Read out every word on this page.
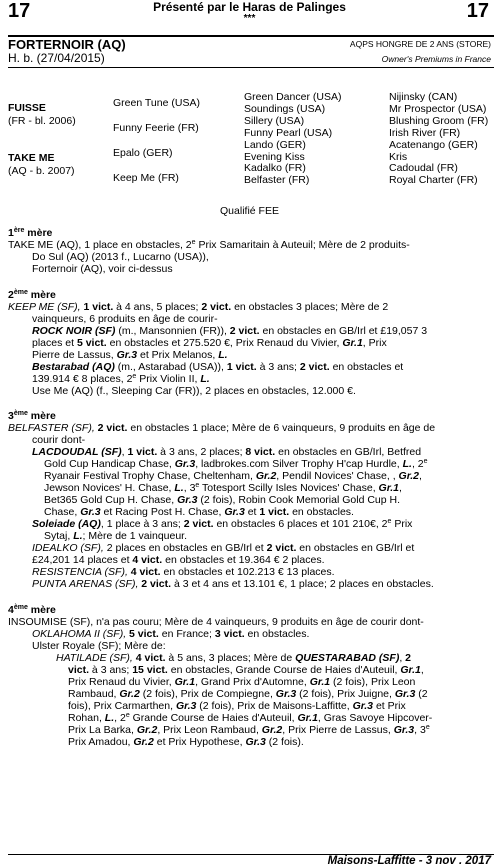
17	17
Présenté par le Haras de Palinges
***
FORTERNOIR (AQ)
H. b. (27/04/2015)
AQPS HONGRE DE 2 ANS (STORE)
Owner's Premiums in France
FUISSE
(FR - bl. 2006)
TAKE ME
(AQ - b. 2007)
Green Tune (USA)
Funny Feerie (FR)
Epalo (GER)
Keep Me (FR)
Green Dancer (USA)
Soundings (USA)
Sillery (USA)
Funny Pearl (USA)
Lando (GER)
Evening Kiss
Kadalko (FR)
Belfaster (FR)
Nijinsky (CAN)
Mr Prospector (USA)
Blushing Groom (FR)
Irish River (FR)
Acatenango (GER)
Kris
Cadoudal (FR)
Royal Charter (FR)
Qualifié FEE
1ère mère
TAKE ME (AQ), 1 place en obstacles, 2e Prix Samaritain à Auteuil; Mère de 2 produits-
Do Sul (AQ) (2013 f., Lucarno (USA)),
Forternoir (AQ), voir ci-dessus
2ème mère
KEEP ME (SF), 1 vict. à 4 ans, 5 places; 2 vict. en obstacles 3 places; Mère de 2
vainqueurs, 6 produits en âge de courir-
ROCK NOIR (SF) (m., Mansonnien (FR)), 2 vict. en obstacles en GB/Irl et £19,057 3
places et 5 vict. en obstacles et 275.520 €, Prix Renaud du Vivier, Gr.1, Prix
Pierre de Lassus, Gr.3 et Prix Melanos, L.
Bestarabad (AQ) (m., Astarabad (USA)), 1 vict. à 3 ans; 2 vict. en obstacles et
139.914 € 8 places, 2e Prix Violin II, L.
Use Me (AQ) (f., Sleeping Car (FR)), 2 places en obstacles, 12.000 €.
3ème mère
BELFASTER (SF), 2 vict. en obstacles 1 place; Mère de 6 vainqueurs, 9 produits en âge de
courir dont-
LACDOUDAL (SF), 1 vict. à 3 ans, 2 places; 8 vict. en obstacles en GB/Irl, Betfred
Gold Cup Handicap Chase, Gr.3, ladbrokes.com Silver Trophy H'cap Hurdle, L., 2e
Ryanair Festival Trophy Chase, Cheltenham, Gr.2, Pendil Novices' Chase, , Gr.2,
Jewson Novices' H. Chase, L., 3e Totesport Scilly Isles Novices' Chase, Gr.1,
Bet365 Gold Cup H. Chase, Gr.3 (2 fois), Robin Cook Memorial Gold Cup H.
Chase, Gr.3 et Racing Post H. Chase, Gr.3 et 1 vict. en obstacles.
Soleiade (AQ), 1 place à 3 ans; 2 vict. en obstacles 6 places et 101 210€, 2e Prix
Sytaj, L.; Mère de 1 vainqueur.
IDEALKO (SF), 2 places en obstacles en GB/Irl et 2 vict. en obstacles en GB/Irl et
£24,201 14 places et 4 vict. en obstacles et 19.364 € 2 places.
RESISTENCIA (SF), 4 vict. en obstacles et 102.213 € 13 places.
PUNTA ARENAS (SF), 2 vict. à 3 et 4 ans et 13.101 €, 1 place; 2 places en obstacles.
4ème mère
INSOUMISE (SF), n'a pas couru; Mère de 4 vainqueurs, 9 produits en âge de courir dont-
OKLAHOMA II (SF), 5 vict. en France; 3 vict. en obstacles.
Ulster Royale (SF); Mère de:
HATILADE (SF), 4 vict. à 5 ans, 3 places; Mère de QUESTARABAD (SF), 2
vict. à 3 ans; 15 vict. en obstacles, Grande Course de Haies d'Auteuil, Gr.1,
Prix Renaud du Vivier, Gr.1, Grand Prix d'Automne, Gr.1 (2 fois), Prix Leon
Rambaud, Gr.2 (2 fois), Prix de Compiegne, Gr.3 (2 fois), Prix Juigne, Gr.3 (2
fois), Prix Carmarthen, Gr.3 (2 fois), Prix de Maisons-Laffitte, Gr.3 et Prix
Rohan, L., 2e Grande Course de Haies d'Auteuil, Gr.1, Gras Savoye Hipcover-
Prix La Barka, Gr.2, Prix Leon Rambaud, Gr.2, Prix Pierre de Lassus, Gr.3, 3e
Prix Amadou, Gr.2 et Prix Hypothese, Gr.3 (2 fois).
Maisons-Laffitte - 3 nov . 2017
